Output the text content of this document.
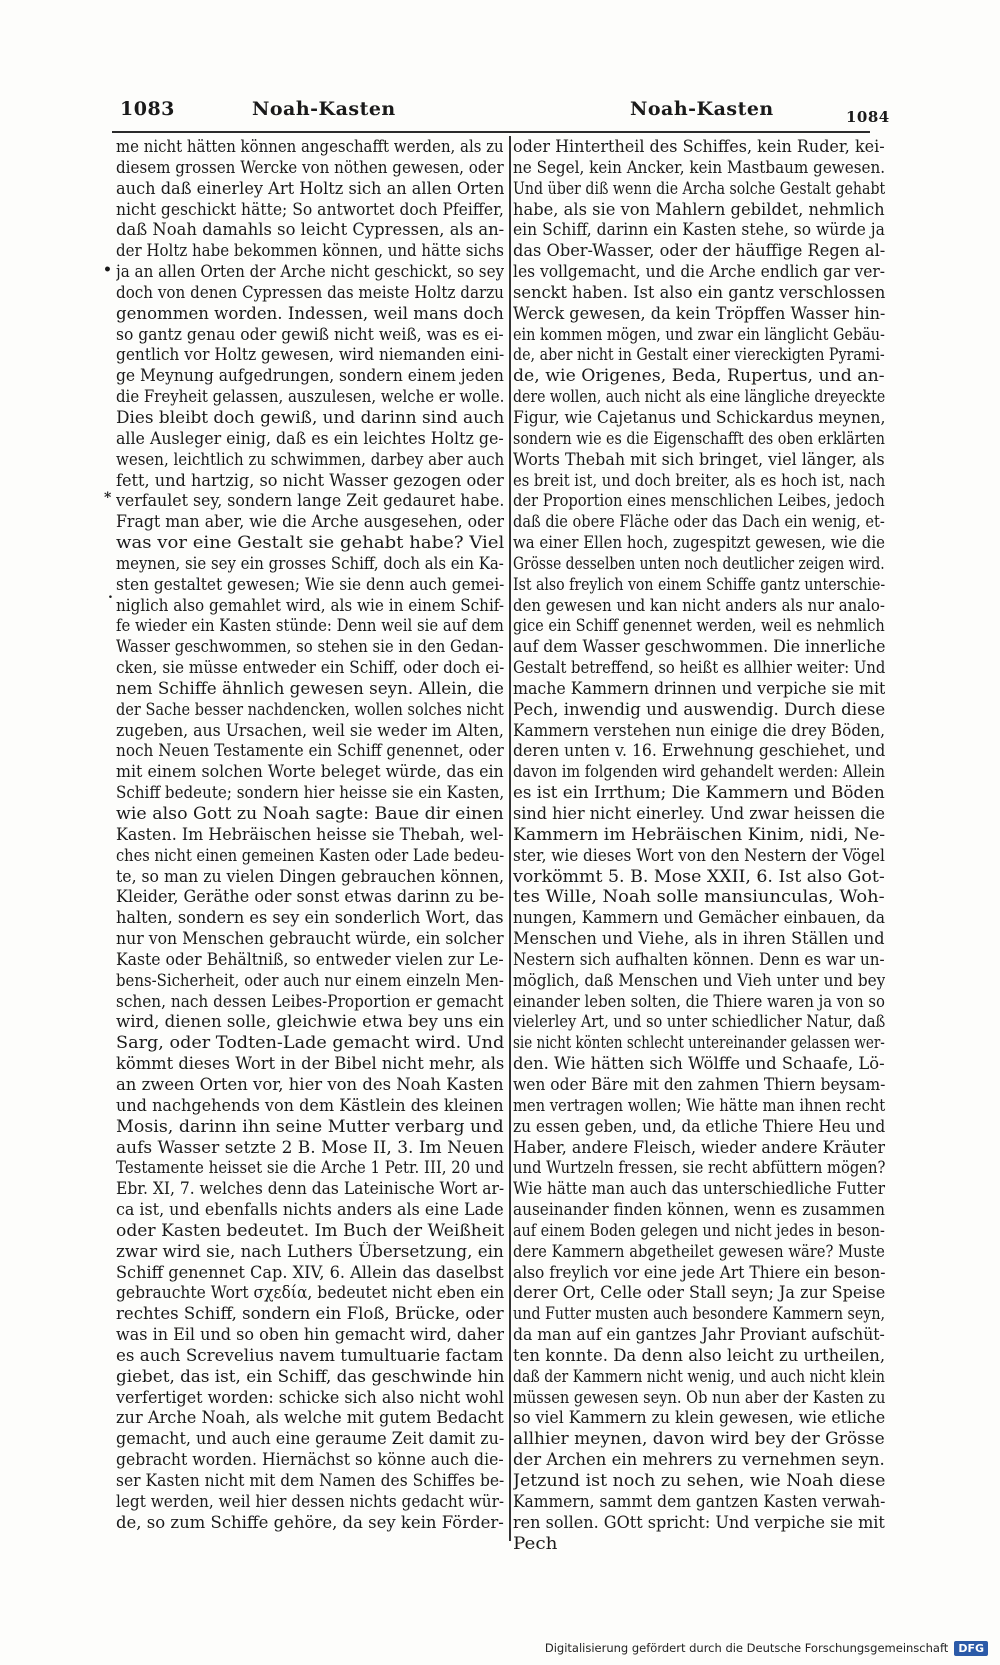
1083	Noah-Kasten	Noah-Kasten	1084
•
*
.
me nicht hätten können angeschafft werden, als zu
diesem grossen Wercke von nöthen gewesen, oder
auch daß einerley Art Holtz sich an allen Orten
nicht geschickt hätte; So antwortet doch Pfeiffer,
daß Noah damahls so leicht Cypressen, als an-
der Holtz habe bekommen können, und hätte sichs
ja an allen Orten der Arche nicht geschickt, so sey
doch von denen Cypressen das meiste Holtz darzu
genommen worden. Indessen, weil mans doch
so gantz genau oder gewiß nicht weiß, was es ei-
gentlich vor Holtz gewesen, wird niemanden eini-
ge Meynung aufgedrungen, sondern einem jeden
die Freyheit gelassen, auszulesen, welche er wolle.
Dies bleibt doch gewiß, und darinn sind auch
alle Ausleger einig, daß es ein leichtes Holtz ge-
wesen, leichtlich zu schwimmen, darbey aber auch
fett, und hartzig, so nicht Wasser gezogen oder
verfaulet sey, sondern lange Zeit gedauret habe.
Fragt man aber, wie die Arche ausgesehen, oder
was vor eine Gestalt sie gehabt habe? Viel
meynen, sie sey ein grosses Schiff, doch als ein Ka-
sten gestaltet gewesen; Wie sie denn auch gemei-
niglich also gemahlet wird, als wie in einem Schif-
fe wieder ein Kasten stünde: Denn weil sie auf dem
Wasser geschwommen, so stehen sie in den Gedan-
cken, sie müsse entweder ein Schiff, oder doch ei-
nem Schiffe ähnlich gewesen seyn. Allein, die
der Sache besser nachdencken, wollen solches nicht
zugeben, aus Ursachen, weil sie weder im Alten,
noch Neuen Testamente ein Schiff genennet, oder
mit einem solchen Worte beleget würde, das ein
Schiff bedeute; sondern hier heisse sie ein Kasten,
wie also Gott zu Noah sagte: Baue dir einen
Kasten. Im Hebräischen heisse sie Thebah, wel-
ches nicht einen gemeinen Kasten oder Lade bedeu-
te, so man zu vielen Dingen gebrauchen können,
Kleider, Geräthe oder sonst etwas darinn zu be-
halten, sondern es sey ein sonderlich Wort, das
nur von Menschen gebraucht würde, ein solcher
Kaste oder Behältniß, so entweder vielen zur Le-
bens-Sicherheit, oder auch nur einem einzeln Men-
schen, nach dessen Leibes-Proportion er gemacht
wird, dienen solle, gleichwie etwa bey uns ein
Sarg, oder Todten-Lade gemacht wird. Und
kömmt dieses Wort in der Bibel nicht mehr, als
an zween Orten vor, hier von des Noah Kasten
und nachgehends von dem Kästlein des kleinen
Mosis, darinn ihn seine Mutter verbarg und
aufs Wasser setzte 2 B. Mose II, 3. Im Neuen
Testamente heisset sie die Arche 1 Petr. III, 20 und
Ebr. XI, 7. welches denn das Lateinische Wort ar-
ca ist, und ebenfalls nichts anders als eine Lade
oder Kasten bedeutet. Im Buch der Weißheit
zwar wird sie, nach Luthers Übersetzung, ein
Schiff genennet Cap. XIV, 6. Allein das daselbst
gebrauchte Wort σχεδία, bedeutet nicht eben ein
rechtes Schiff, sondern ein Floß, Brücke, oder
was in Eil und so oben hin gemacht wird, daher
es auch Screvelius navem tumultuarie factam
giebet, das ist, ein Schiff, das geschwinde hin
verfertiget worden: schicke sich also nicht wohl
zur Arche Noah, als welche mit gutem Bedacht
gemacht, und auch eine geraume Zeit damit zu-
gebracht worden. Hiernächst so könne auch die-
ser Kasten nicht mit dem Namen des Schiffes be-
legt werden, weil hier dessen nichts gedacht wür-
de, so zum Schiffe gehöre, da sey kein Förder-
oder Hintertheil des Schiffes, kein Ruder, kei-
ne Segel, kein Ancker, kein Mastbaum gewesen.
Und über diß wenn die Archa solche Gestalt gehabt
habe, als sie von Mahlern gebildet, nehmlich
ein Schiff, darinn ein Kasten stehe, so würde ja
das Ober-Wasser, oder der häuffige Regen al-
les vollgemacht, und die Arche endlich gar ver-
senckt haben. Ist also ein gantz verschlossen
Werck gewesen, da kein Tröpffen Wasser hin-
ein kommen mögen, und zwar ein länglicht Gebäu-
de, aber nicht in Gestalt einer viereckigten Pyrami-
de, wie Origenes, Beda, Rupertus, und an-
dere wollen, auch nicht als eine längliche dreyeckte
Figur, wie Cajetanus und Schickardus meynen,
sondern wie es die Eigenschafft des oben erklärten
Worts Thebah mit sich bringet, viel länger, als
es breit ist, und doch breiter, als es hoch ist, nach
der Proportion eines menschlichen Leibes, jedoch
daß die obere Fläche oder das Dach ein wenig, et-
wa einer Ellen hoch, zugespitzt gewesen, wie die
Grösse desselben unten noch deutlicher zeigen wird.
Ist also freylich von einem Schiffe gantz unterschie-
den gewesen und kan nicht anders als nur analo-
gice ein Schiff genennet werden, weil es nehmlich
auf dem Wasser geschwommen. Die innerliche
Gestalt betreffend, so heißt es allhier weiter: Und
mache Kammern drinnen und verpiche sie mit
Pech, inwendig und auswendig. Durch diese
Kammern verstehen nun einige die drey Böden,
deren unten v. 16. Erwehnung geschiehet, und
davon im folgenden wird gehandelt werden: Allein
es ist ein Irrthum; Die Kammern und Böden
sind hier nicht einerley. Und zwar heissen die
Kammern im Hebräischen Kinim, nidi, Ne-
ster, wie dieses Wort von den Nestern der Vögel
vorkömmt 5. B. Mose XXII, 6. Ist also Got-
tes Wille, Noah solle mansiunculas, Woh-
nungen, Kammern und Gemächer einbauen, da
Menschen und Viehe, als in ihren Ställen und
Nestern sich aufhalten können. Denn es war un-
möglich, daß Menschen und Vieh unter und bey
einander leben solten, die Thiere waren ja von so
vielerley Art, und so unter schiedlicher Natur, daß
sie nicht könten schlecht untereinander gelassen wer-
den. Wie hätten sich Wölffe und Schaafe, Lö-
wen oder Bäre mit den zahmen Thiern beysam-
men vertragen wollen; Wie hätte man ihnen recht
zu essen geben, und, da etliche Thiere Heu und
Haber, andere Fleisch, wieder andere Kräuter
und Wurtzeln fressen, sie recht abfüttern mögen?
Wie hätte man auch das unterschiedliche Futter
auseinander finden können, wenn es zusammen
auf einem Boden gelegen und nicht jedes in beson-
dere Kammern abgetheilet gewesen wäre? Muste
also freylich vor eine jede Art Thiere ein beson-
derer Ort, Celle oder Stall seyn; Ja zur Speise
und Futter musten auch besondere Kammern seyn,
da man auf ein gantzes Jahr Proviant aufschüt-
ten konnte. Da denn also leicht zu urtheilen,
daß der Kammern nicht wenig, und auch nicht klein
müssen gewesen seyn. Ob nun aber der Kasten zu
so viel Kammern zu klein gewesen, wie etliche
allhier meynen, davon wird bey der Grösse
der Archen ein mehrers zu vernehmen seyn.
Jetzund ist noch zu sehen, wie Noah diese
Kammern, sammt dem gantzen Kasten verwah-
ren sollen. GOtt spricht: Und verpiche sie mit
Pech
Digitalisierung gefördert durch die Deutsche Forschungsgemeinschaft DFG
